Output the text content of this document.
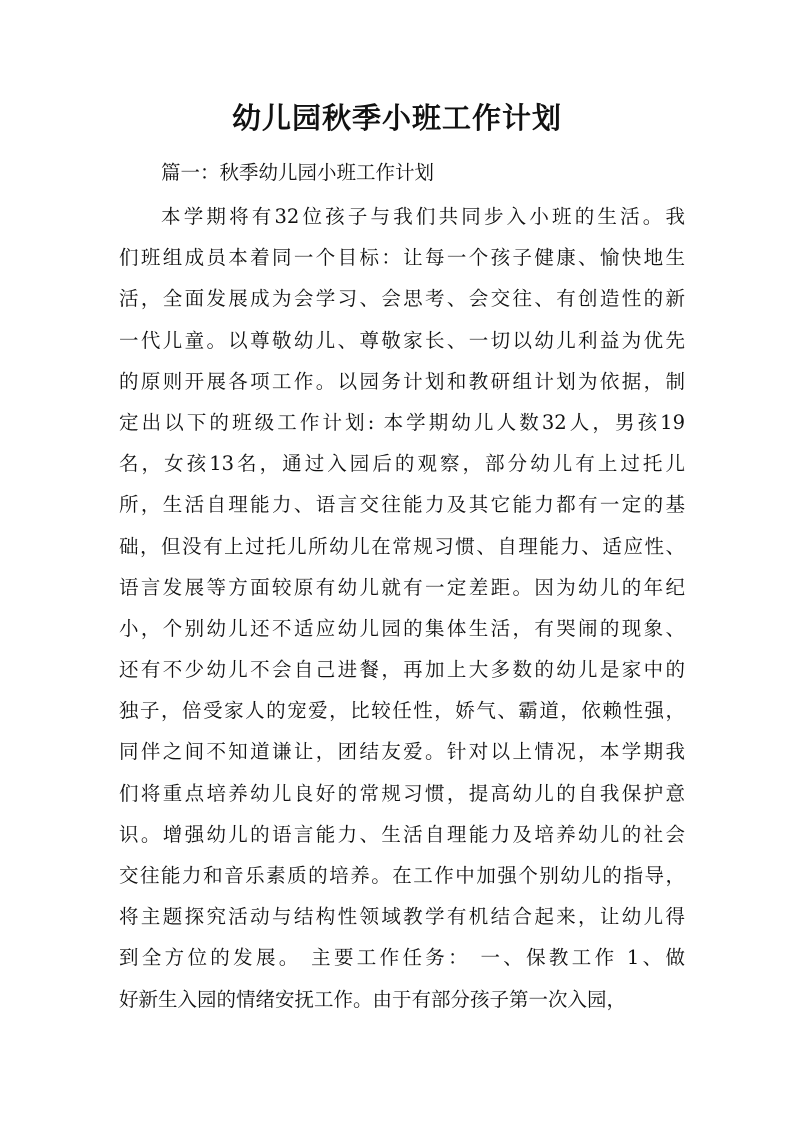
幼儿园秋季小班工作计划

篇一：秋季幼儿园小班工作计划

本学期将有32位孩子与我们共同步入小班的生活。我
们班组成员本着同一个目标：让每一个孩子健康、愉快地生
活，全面发展成为会学习、会思考、会交往、有创造性的新
一代儿童。以尊敬幼儿、尊敬家长、一切以幼儿利益为优先
的原则开展各项工作。以园务计划和教研组计划为依据，制
定出以下的班级工作计划: 本学期幼儿人数32人，男孩19
名，女孩13名，通过入园后的观察，部分幼儿有上过托儿
所，生活自理能力、语言交往能力及其它能力都有一定的基
础，但没有上过托儿所幼儿在常规习惯、自理能力、适应性、
语言发展等方面较原有幼儿就有一定差距。因为幼儿的年纪
小，个别幼儿还不适应幼儿园的集体生活，有哭闹的现象、
还有不少幼儿不会自己进餐，再加上大多数的幼儿是家中的
独子，倍受家人的宠爱，比较任性，娇气、霸道，依赖性强，
同伴之间不知道谦让，团结友爱。针对以上情况，本学期我
们将重点培养幼儿良好的常规习惯，提高幼儿的自我保护意
识。增强幼儿的语言能力、生活自理能力及培养幼儿的社会
交往能力和音乐素质的培养。在工作中加强个别幼儿的指导，
将主题探究活动与结构性领域教学有机结合起来，让幼儿得
到全方位的发展。 主要工作任务： 一、保教工作 1、做
好新生入园的情绪安抚工作。由于有部分孩子第一次入园，
